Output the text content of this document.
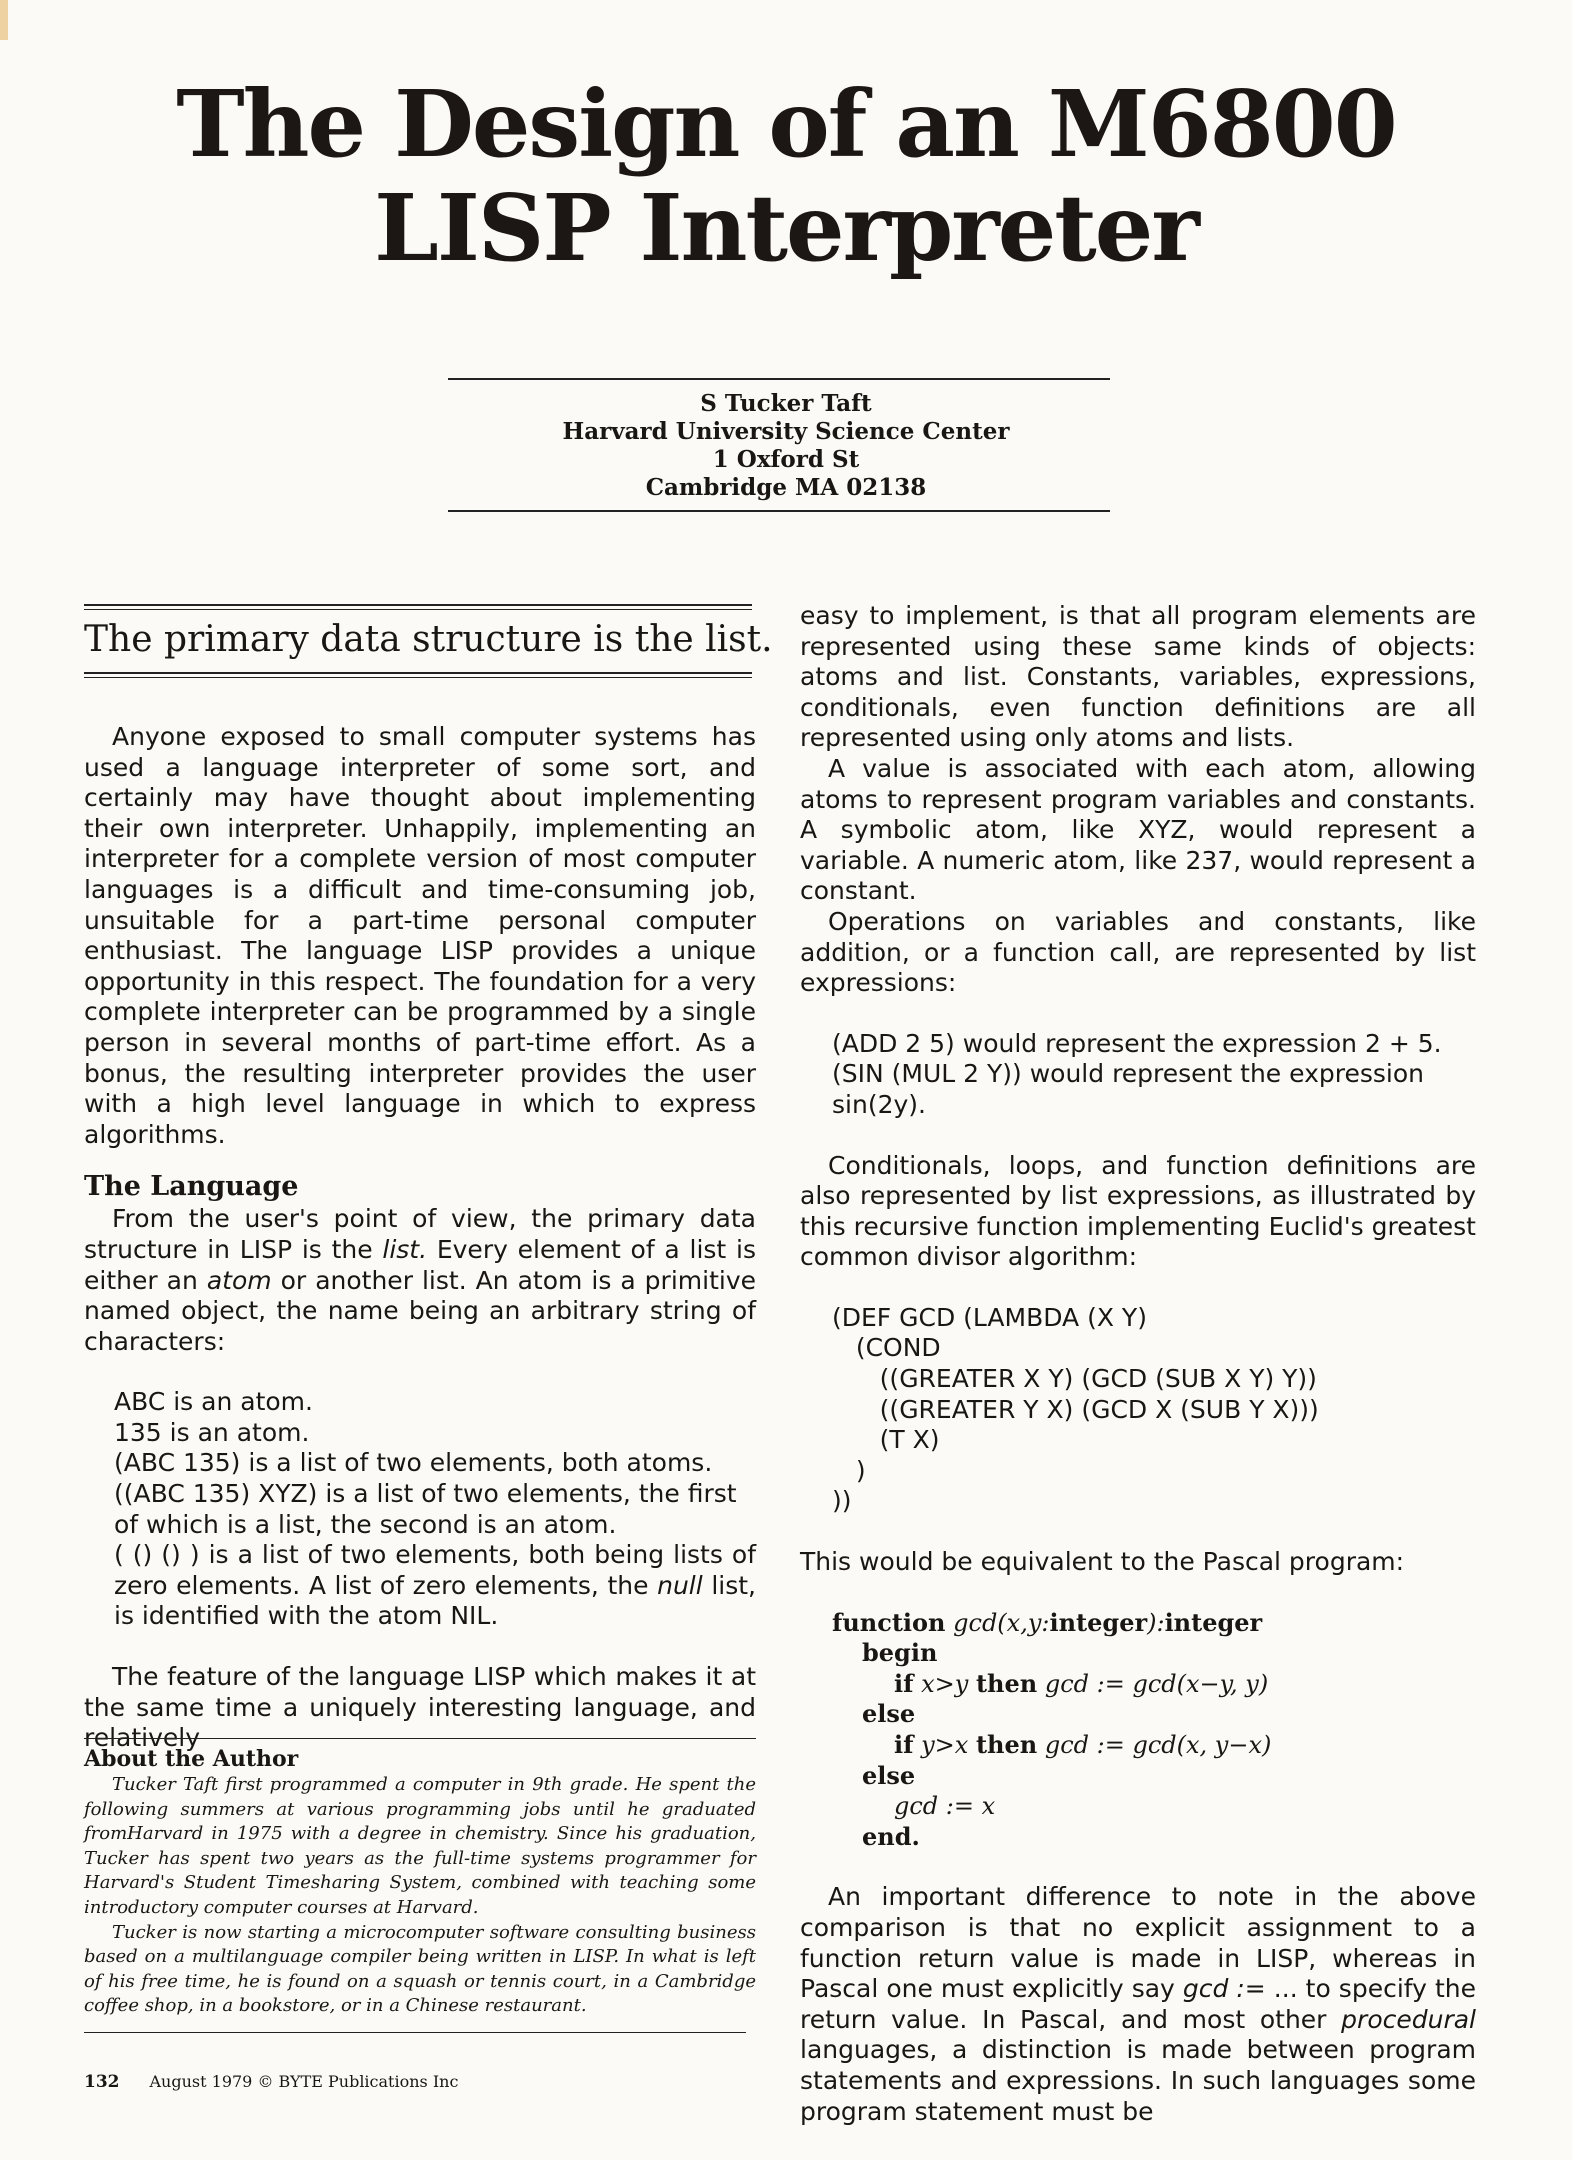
The Design of an M6800
LISP Interpreter
S Tucker Taft
Harvard University Science Center
1 Oxford St
Cambridge MA 02138
The primary data structure is the list.

Anyone exposed to small computer systems has used a language interpreter of some sort, and certainly may have thought about implementing their own interpreter. Unhappily, implementing an interpreter for a complete version of most computer languages is a difficult and time-consuming job, unsuitable for a part-time personal computer enthusiast. The language LISP provides a unique opportunity in this respect. The foundation for a very complete interpreter can be programmed by a single person in several months of part-time effort. As a bonus, the resulting interpreter provides the user with a high level language in which to express algorithms.

The Language

From the user's point of view, the primary data structure in LISP is the list. Every element of a list is either an atom or another list. An atom is a primitive named object, the name being an arbitrary string of characters:

ABC is an atom.

135 is an atom.

(ABC 135) is a list of two elements, both atoms.

((ABC 135) XYZ) is a list of two elements, the first of which is a list, the second is an atom.

( () () ) is a list of two elements, both being lists of zero elements. A list of zero elements, the null list, is identified with the atom NIL.

The feature of the language LISP which makes it at the same time a uniquely interesting language, and relatively

About the Author

Tucker Taft first programmed a computer in 9th grade. He spent the following summers at various programming jobs until he graduated fromHarvard in 1975 with a degree in chemistry. Since his graduation, Tucker has spent two years as the full-time systems programmer for Harvard's Student Timesharing System, combined with teaching some introductory computer courses at Harvard.

Tucker is now starting a microcomputer software consulting business based on a multilanguage compiler being written in LISP. In what is left of his free time, he is found on a squash or tennis court, in a Cambridge coffee shop, in a bookstore, or in a Chinese restaurant.

132 August 1979 © BYTE Publications Inc

easy to implement, is that all program elements are represented using these same kinds of objects: atoms and list. Constants, variables, expressions, conditionals, even function definitions are all represented using only atoms and lists.

A value is associated with each atom, allowing atoms to represent program variables and constants. A symbolic atom, like XYZ, would represent a variable. A numeric atom, like 237, would represent a constant.

Operations on variables and constants, like addition, or a function call, are represented by list expressions:

(ADD 2 5) would represent the expression 2 + 5.

(SIN (MUL 2 Y)) would represent the expression sin(2y).

Conditionals, loops, and function definitions are also represented by list expressions, as illustrated by this recursive function implementing Euclid's greatest common divisor algorithm:

(DEF GCD (LAMBDA (X Y)
(COND
((GREATER X Y) (GCD (SUB X Y) Y))
((GREATER Y X) (GCD X (SUB Y X)))
(T X)
)
))

This would be equivalent to the Pascal program:

function gcd(x,y:integer):integer
begin
if x>y then gcd := gcd(x−y, y)
else
if y>x then gcd := gcd(x, y−x)
else
gcd := x
end.

An important difference to note in the above comparison is that no explicit assignment to a function return value is made in LISP, whereas in Pascal one must explicitly say gcd := ... to specify the return value. In Pascal, and most other procedural languages, a distinction is made between program statements and expressions. In such languages some program statement must be
